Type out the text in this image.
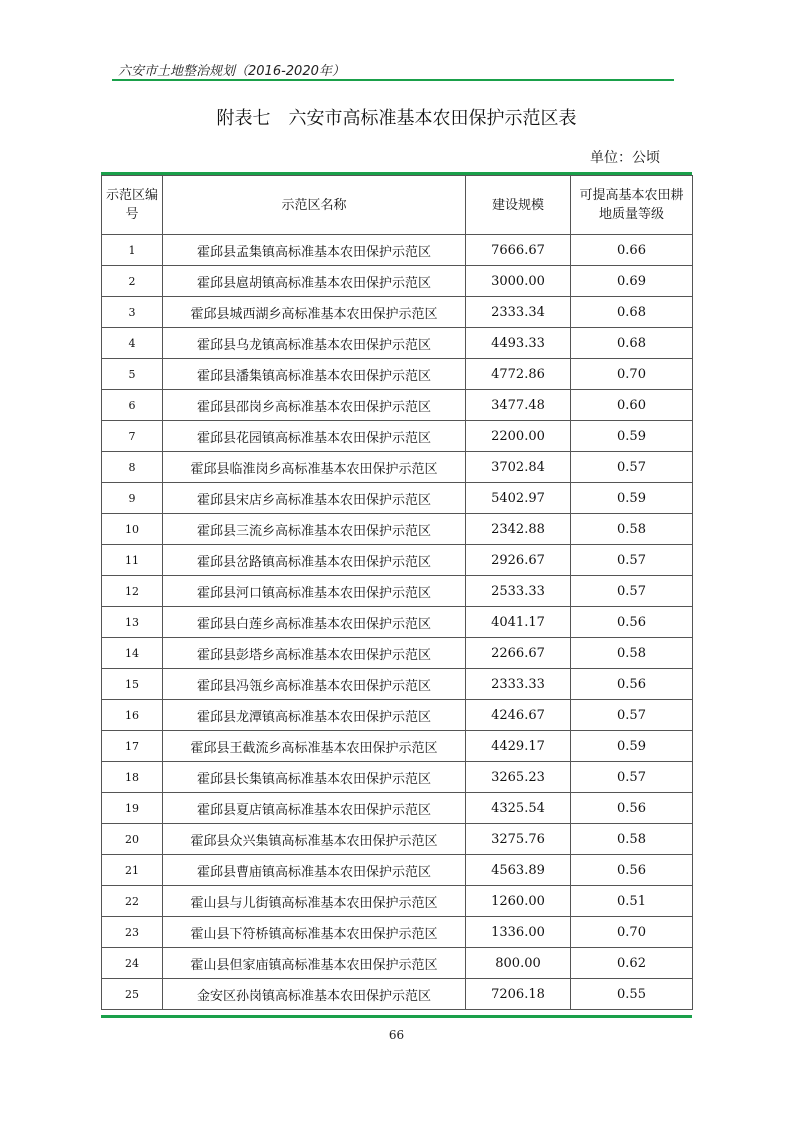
六安市土地整治规划（2016-2020年）
附表七　六安市高标准基本农田保护示范区表
单位：公顷
示范区编号	示范区名称	建设规模	可提高基本农田耕地质量等级
1	霍邱县孟集镇高标准基本农田保护示范区	7666.67	0.66
2	霍邱县扈胡镇高标准基本农田保护示范区	3000.00	0.69
3	霍邱县城西湖乡高标准基本农田保护示范区	2333.34	0.68
4	霍邱县乌龙镇高标准基本农田保护示范区	4493.33	0.68
5	霍邱县潘集镇高标准基本农田保护示范区	4772.86	0.70
6	霍邱县邵岗乡高标准基本农田保护示范区	3477.48	0.60
7	霍邱县花园镇高标准基本农田保护示范区	2200.00	0.59
8	霍邱县临淮岗乡高标准基本农田保护示范区	3702.84	0.57
9	霍邱县宋店乡高标准基本农田保护示范区	5402.97	0.59
10	霍邱县三流乡高标准基本农田保护示范区	2342.88	0.58
11	霍邱县岔路镇高标准基本农田保护示范区	2926.67	0.57
12	霍邱县河口镇高标准基本农田保护示范区	2533.33	0.57
13	霍邱县白莲乡高标准基本农田保护示范区	4041.17	0.56
14	霍邱县彭塔乡高标准基本农田保护示范区	2266.67	0.58
15	霍邱县冯瓴乡高标准基本农田保护示范区	2333.33	0.56
16	霍邱县龙潭镇高标准基本农田保护示范区	4246.67	0.57
17	霍邱县王截流乡高标准基本农田保护示范区	4429.17	0.59
18	霍邱县长集镇高标准基本农田保护示范区	3265.23	0.57
19	霍邱县夏店镇高标准基本农田保护示范区	4325.54	0.56
20	霍邱县众兴集镇高标准基本农田保护示范区	3275.76	0.58
21	霍邱县曹庙镇高标准基本农田保护示范区	4563.89	0.56
22	霍山县与儿街镇高标准基本农田保护示范区	1260.00	0.51
23	霍山县下符桥镇高标准基本农田保护示范区	1336.00	0.70
24	霍山县但家庙镇高标准基本农田保护示范区	800.00	0.62
25	金安区孙岗镇高标准基本农田保护示范区	7206.18	0.55
66
